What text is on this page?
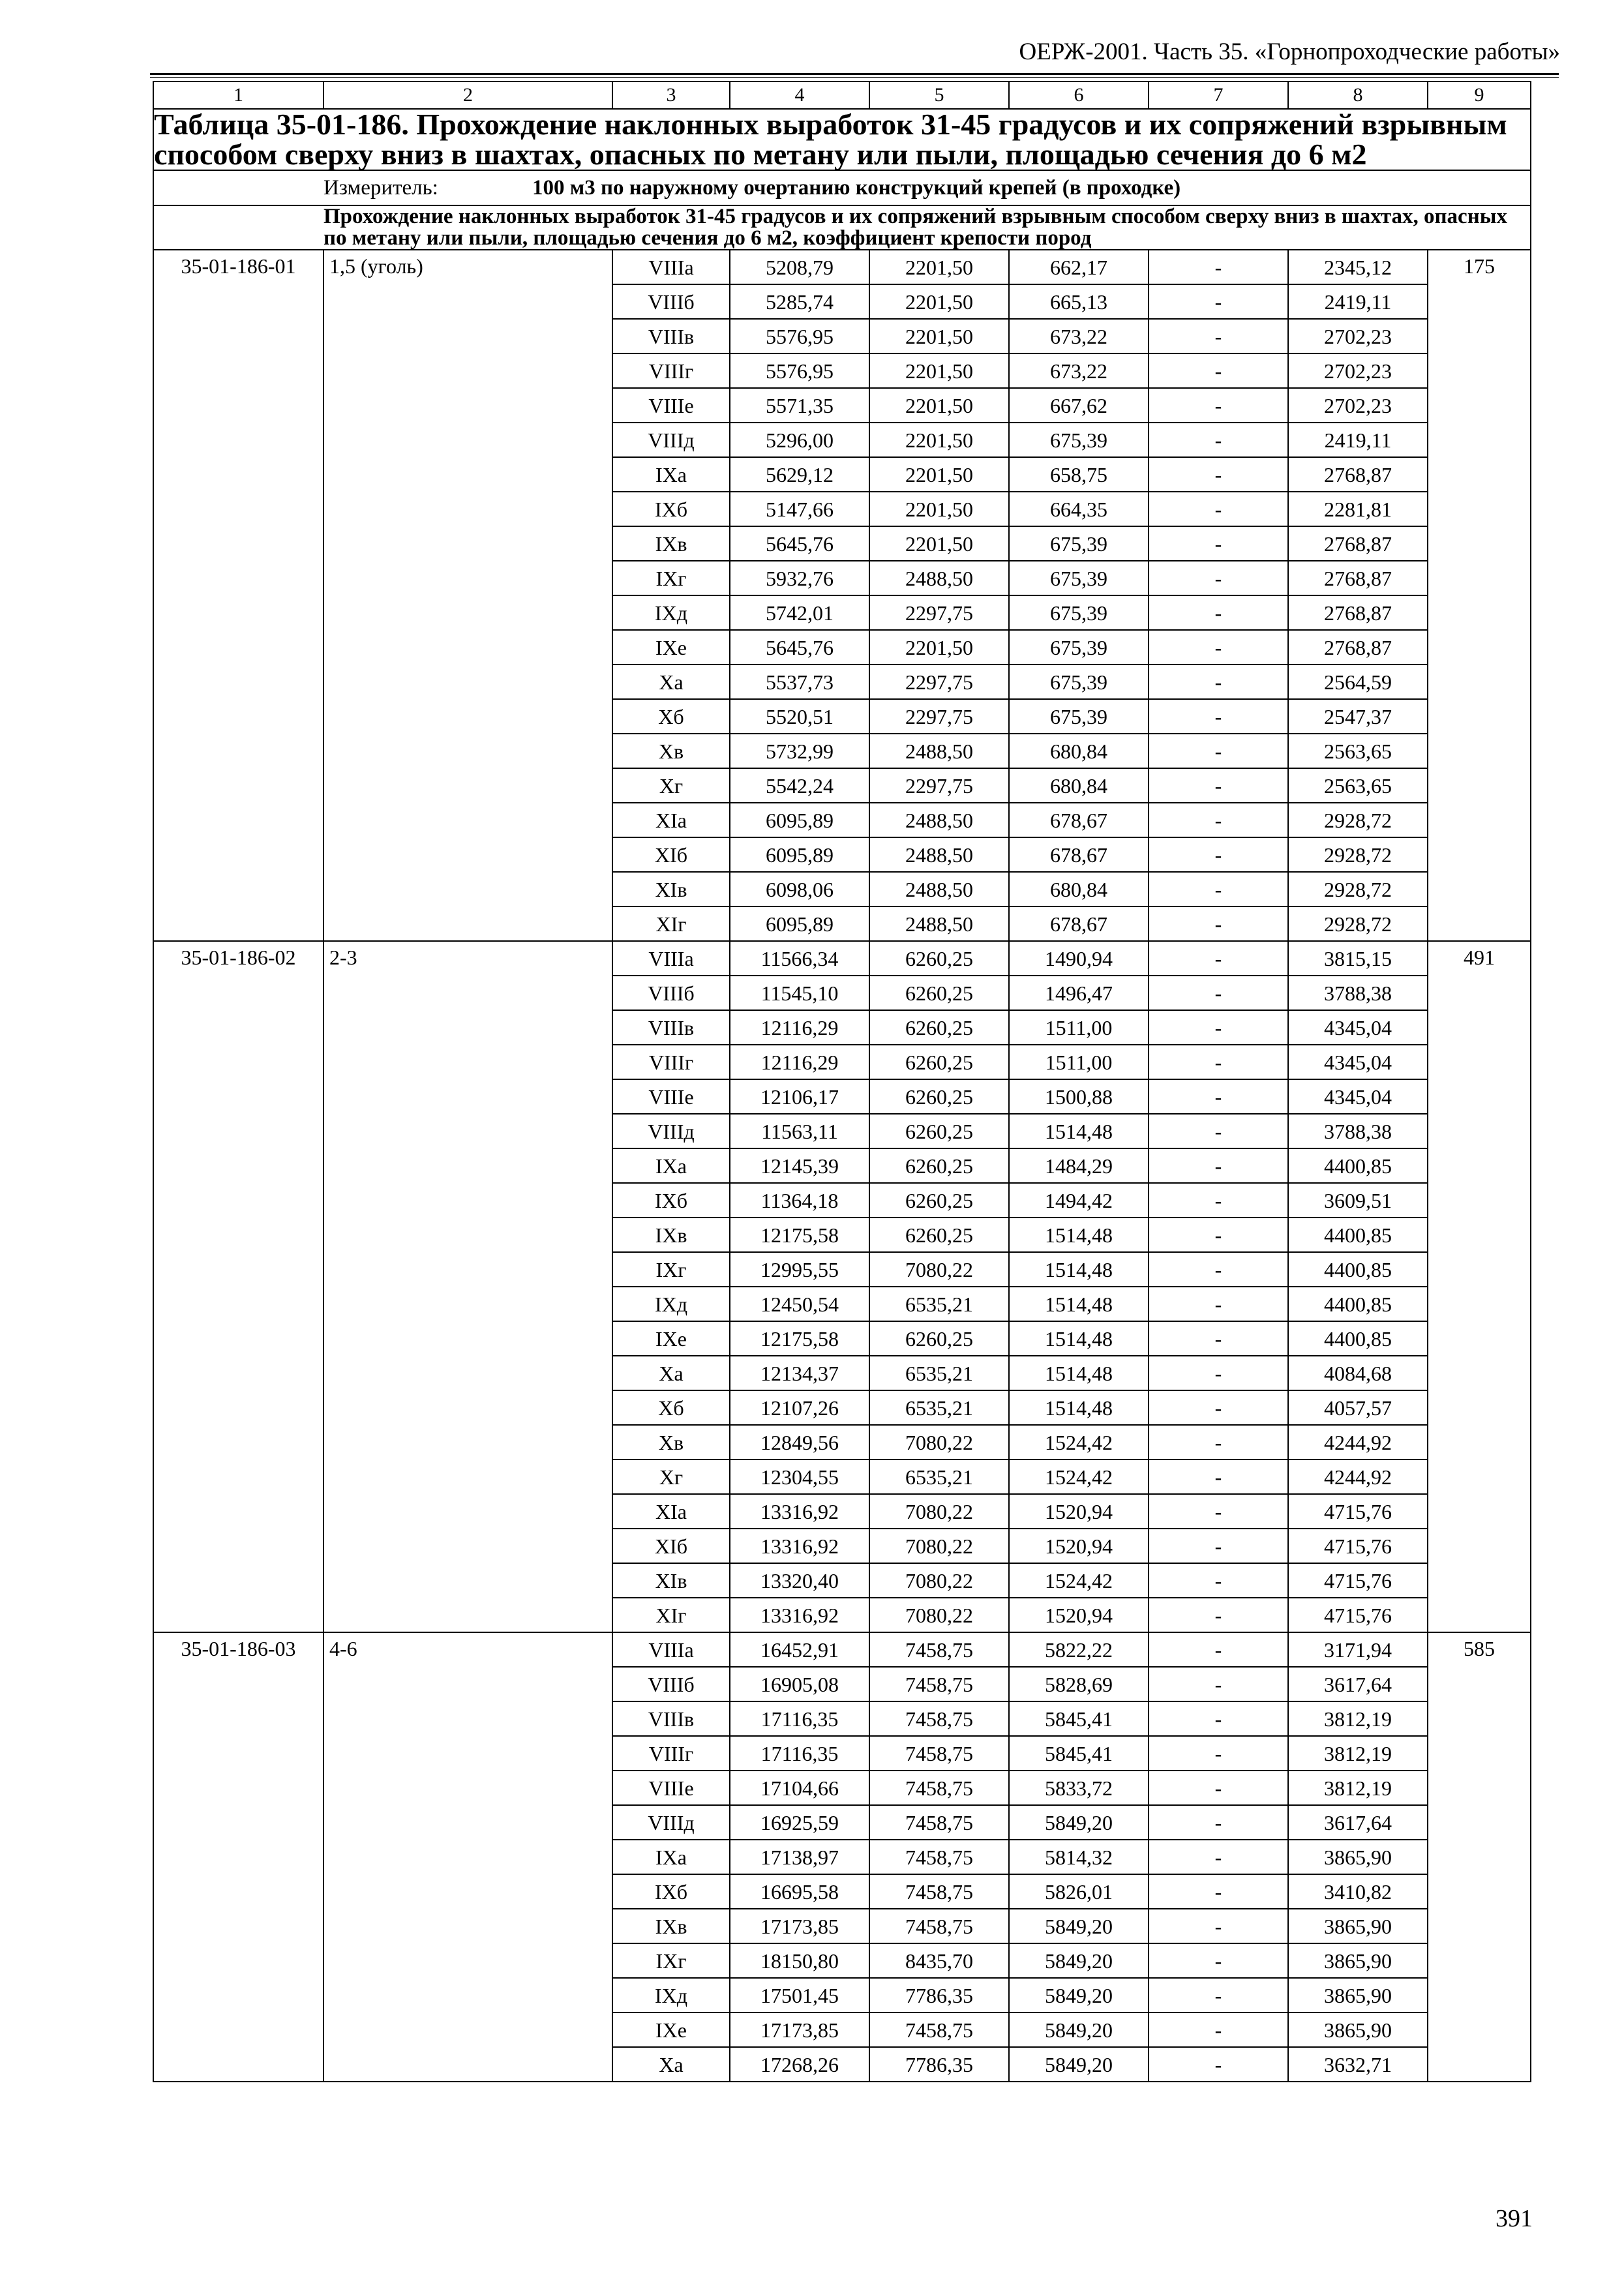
ОЕРЖ-2001. Часть 35. «Горнопроходческие работы»
1	2	3	4	5	6	7	8	9
Таблица 35-01-186. Прохождение наклонных выработок 31-45 градусов и их сопряжений взрывным способом сверху вниз в шахтах, опасных по метану или пыли, площадью сечения до 6 м2								
Измеритель: 100 м3 по наружному очертанию конструкций крепей (в проходке)								
	Прохождение наклонных выработок 31-45 градусов и их сопряжений взрывным способом сверху вниз в шахтах, опасных по метану или пыли, площадью сечения до 6 м2, коэффициент крепости пород							
35-01-186-01	1,5 (уголь)	VIIIа	5208,79	2201,50	662,17	-	2345,12	175
		VIIIб	5285,74	2201,50	665,13	-	2419,11	
		VIIIв	5576,95	2201,50	673,22	-	2702,23	
		VIIIг	5576,95	2201,50	673,22	-	2702,23	
		VIIIе	5571,35	2201,50	667,62	-	2702,23	
		VIIIд	5296,00	2201,50	675,39	-	2419,11	
		IXа	5629,12	2201,50	658,75	-	2768,87	
		IXб	5147,66	2201,50	664,35	-	2281,81	
		IXв	5645,76	2201,50	675,39	-	2768,87	
		IXг	5932,76	2488,50	675,39	-	2768,87	
		IXд	5742,01	2297,75	675,39	-	2768,87	
		IXе	5645,76	2201,50	675,39	-	2768,87	
		Xа	5537,73	2297,75	675,39	-	2564,59	
		Xб	5520,51	2297,75	675,39	-	2547,37	
		Xв	5732,99	2488,50	680,84	-	2563,65	
		Xг	5542,24	2297,75	680,84	-	2563,65	
		XIа	6095,89	2488,50	678,67	-	2928,72	
		XIб	6095,89	2488,50	678,67	-	2928,72	
		XIв	6098,06	2488,50	680,84	-	2928,72	
		XIг	6095,89	2488,50	678,67	-	2928,72	
35-01-186-02	2-3	VIIIа	11566,34	6260,25	1490,94	-	3815,15	491
		VIIIб	11545,10	6260,25	1496,47	-	3788,38	
		VIIIв	12116,29	6260,25	1511,00	-	4345,04	
		VIIIг	12116,29	6260,25	1511,00	-	4345,04	
		VIIIе	12106,17	6260,25	1500,88	-	4345,04	
		VIIIд	11563,11	6260,25	1514,48	-	3788,38	
		IXа	12145,39	6260,25	1484,29	-	4400,85	
		IXб	11364,18	6260,25	1494,42	-	3609,51	
		IXв	12175,58	6260,25	1514,48	-	4400,85	
		IXг	12995,55	7080,22	1514,48	-	4400,85	
		IXд	12450,54	6535,21	1514,48	-	4400,85	
		IXе	12175,58	6260,25	1514,48	-	4400,85	
		Xа	12134,37	6535,21	1514,48	-	4084,68	
		Xб	12107,26	6535,21	1514,48	-	4057,57	
		Xв	12849,56	7080,22	1524,42	-	4244,92	
		Xг	12304,55	6535,21	1524,42	-	4244,92	
		XIа	13316,92	7080,22	1520,94	-	4715,76	
		XIб	13316,92	7080,22	1520,94	-	4715,76	
		XIв	13320,40	7080,22	1524,42	-	4715,76	
		XIг	13316,92	7080,22	1520,94	-	4715,76	
35-01-186-03	4-6	VIIIа	16452,91	7458,75	5822,22	-	3171,94	585
		VIIIб	16905,08	7458,75	5828,69	-	3617,64	
		VIIIв	17116,35	7458,75	5845,41	-	3812,19	
		VIIIг	17116,35	7458,75	5845,41	-	3812,19	
		VIIIе	17104,66	7458,75	5833,72	-	3812,19	
		VIIIд	16925,59	7458,75	5849,20	-	3617,64	
		IXа	17138,97	7458,75	5814,32	-	3865,90	
		IXб	16695,58	7458,75	5826,01	-	3410,82	
		IXв	17173,85	7458,75	5849,20	-	3865,90	
		IXг	18150,80	8435,70	5849,20	-	3865,90	
		IXд	17501,45	7786,35	5849,20	-	3865,90	
		IXе	17173,85	7458,75	5849,20	-	3865,90	
		Xа	17268,26	7786,35	5849,20	-	3632,71	
391
